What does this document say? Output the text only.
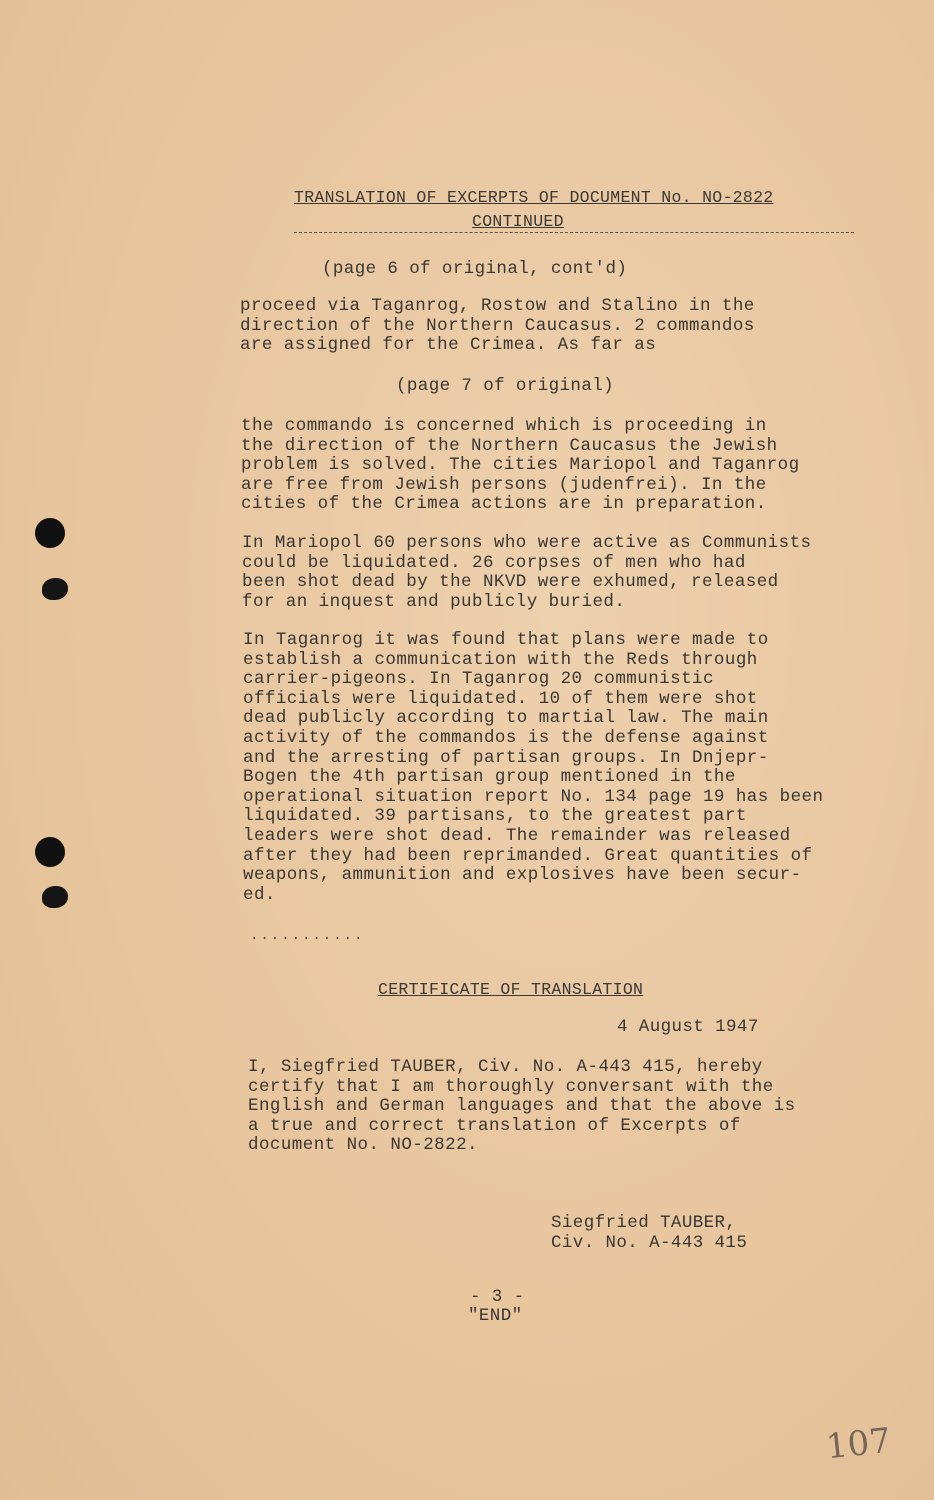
TRANSLATION OF EXCERPTS OF DOCUMENT No. NO-2822
CONTINUED
(page 6 of original, cont'd)
proceed via Taganrog, Rostow and Stalino in the
direction of the Northern Caucasus. 2 commandos
are assigned for the Crimea. As far as
(page 7 of original)
the commando is concerned which is proceeding in
the direction of the Northern Caucasus the Jewish
problem is solved. The cities Mariopol and Taganrog
are free from Jewish persons (judenfrei). In the
cities of the Crimea actions are in preparation.
In Mariopol 60 persons who were active as Communists
could be liquidated. 26 corpses of men who had
been shot dead by the NKVD were exhumed, released
for an inquest and publicly buried.
In Taganrog it was found that plans were made to
establish a communication with the Reds through
carrier-pigeons. In Taganrog 20 communistic
officials were liquidated. 10 of them were shot
dead publicly according to martial law. The main
activity of the commandos is the defense against
and the arresting of partisan groups. In Dnjepr-
Bogen the 4th partisan group mentioned in the
operational situation report No. 134 page 19 has been
liquidated. 39 partisans, to the greatest part
leaders were shot dead. The remainder was released
after they had been reprimanded. Great quantities of
weapons, ammunition and explosives have been secur-
ed.
...........
CERTIFICATE OF TRANSLATION
4 August 1947
I, Siegfried TAUBER, Civ. No. A-443 415, hereby
certify that I am thoroughly conversant with the
English and German languages and that the above is
a true and correct translation of Excerpts of
document No. NO-2822.
Siegfried TAUBER,
Civ. No. A-443 415
- 3 -
"END"
107
